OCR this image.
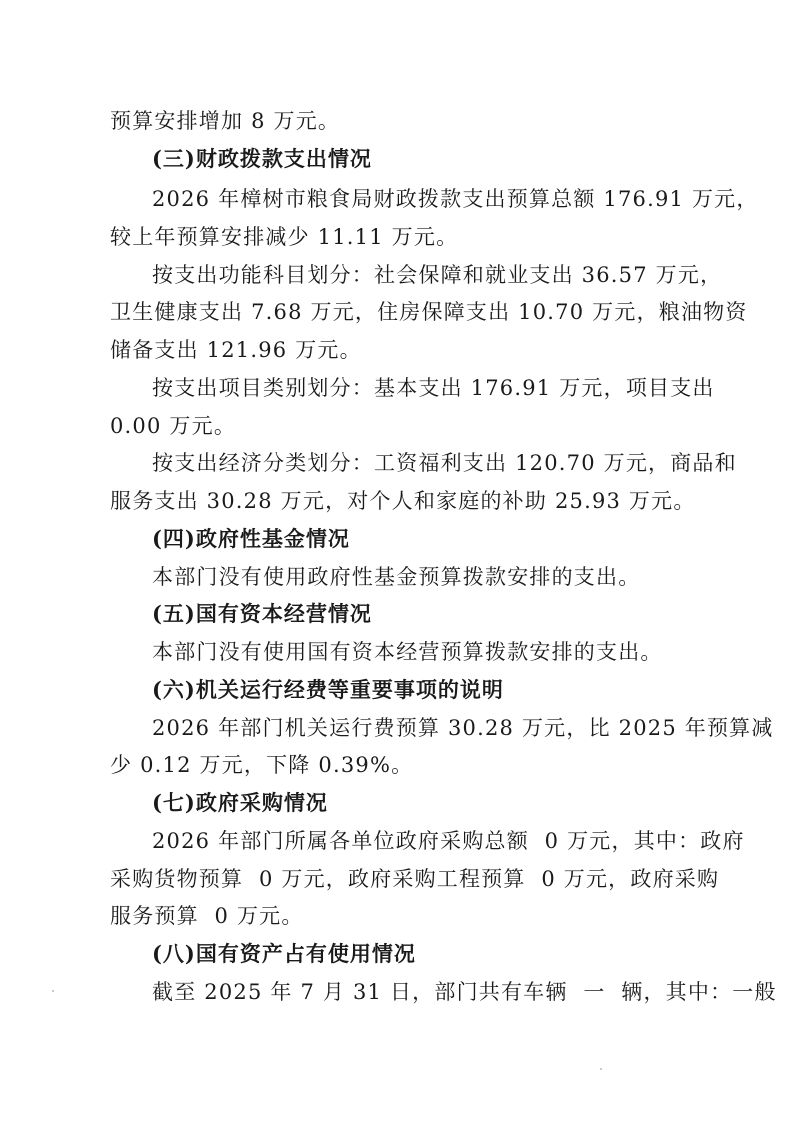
预算安排增加 8 万元。
(三)财政拨款支出情况
2026 年樟树市粮食局财政拨款支出预算总额 176.91 万元，
较上年预算安排减少 11.11 万元。
按支出功能科目划分：社会保障和就业支出 36.57 万元，
卫生健康支出 7.68 万元，住房保障支出 10.70 万元，粮油物资
储备支出 121.96 万元。
按支出项目类别划分：基本支出 176.91 万元，项目支出
0.00 万元。
按支出经济分类划分：工资福利支出 120.70 万元，商品和
服务支出 30.28 万元，对个人和家庭的补助 25.93 万元。
(四)政府性基金情况
本部门没有使用政府性基金预算拨款安排的支出。
(五)国有资本经营情况
本部门没有使用国有资本经营预算拨款安排的支出。
(六)机关运行经费等重要事项的说明
2026 年部门机关运行费预算 30.28 万元，比 2025 年预算减
少 0.12 万元，下降 0.39%。
(七)政府采购情况
2026 年部门所属各单位政府采购总额  0 万元，其中：政府
采购货物预算  0 万元，政府采购工程预算  0 万元，政府采购
服务预算  0 万元。
(八)国有资产占有使用情况
截至 2025 年 7 月 31 日，部门共有车辆  一  辆，其中：一般
